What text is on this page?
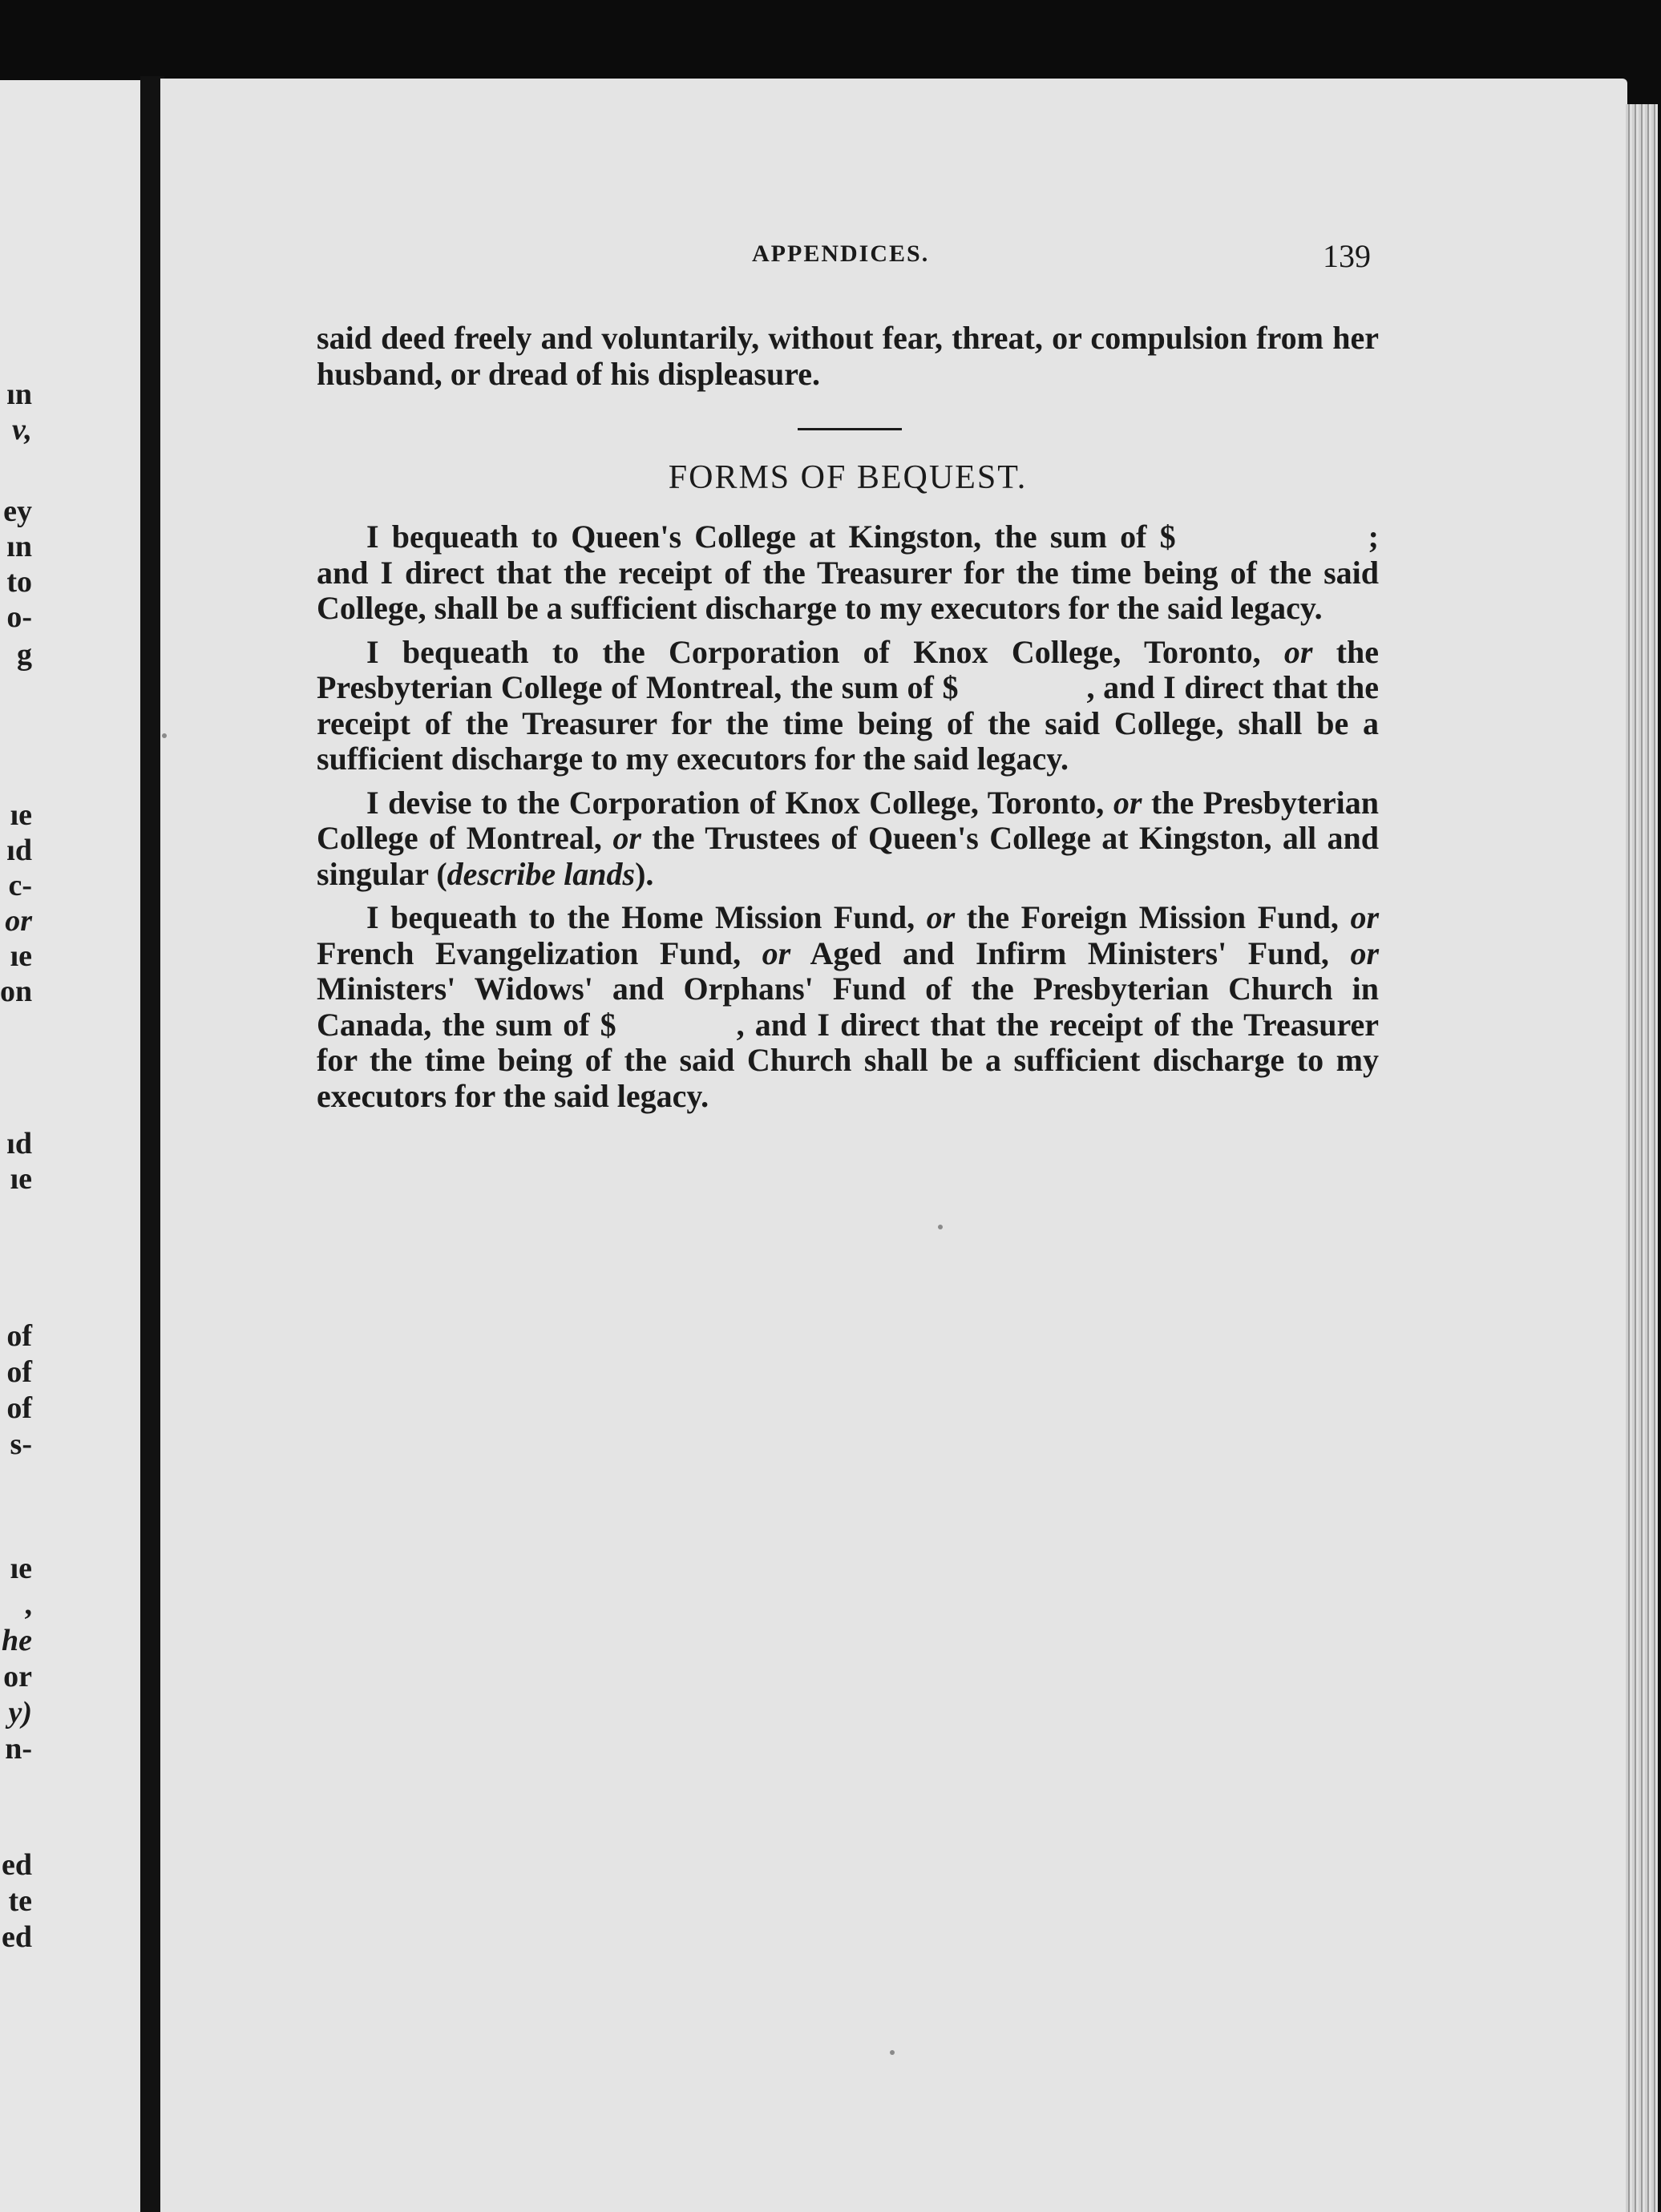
ın
v,
ey
ın
to
o-
g
ıe
ıd
c-
or
ıe
on
ıd
ıe
of
of
of
s-
ıe
,
he
or
y)
n-
ed
te
ed
APPENDICES.	139

said deed freely and voluntarily, without fear, threat, or compulsion from her husband, or dread of his displeasure.

FORMS OF BEQUEST.

I bequeath to Queen's College at Kingston, the sum of $	; and I direct that the receipt of the Treasurer for the time being of the said College, shall be a sufficient discharge to my executors for the said legacy.

I bequeath to the Corporation of Knox College, Toronto, or the Presbyterian College of Montreal, the sum of $	, and I direct that the receipt of the Treasurer for the time being of the said College, shall be a sufficient discharge to my executors for the said legacy.

I devise to the Corporation of Knox College, Toronto, or the Presbyterian College of Montreal, or the Trustees of Queen's College at Kingston, all and singular (describe lands).

I bequeath to the Home Mission Fund, or the Foreign Mission Fund, or French Evangelization Fund, or Aged and Infirm Ministers' Fund, or Ministers' Widows' and Orphans' Fund of the Presbyterian Church in Canada, the sum of $	, and I direct that the receipt of the Treasurer for the time being of the said Church shall be a sufficient discharge to my executors for the said legacy.
